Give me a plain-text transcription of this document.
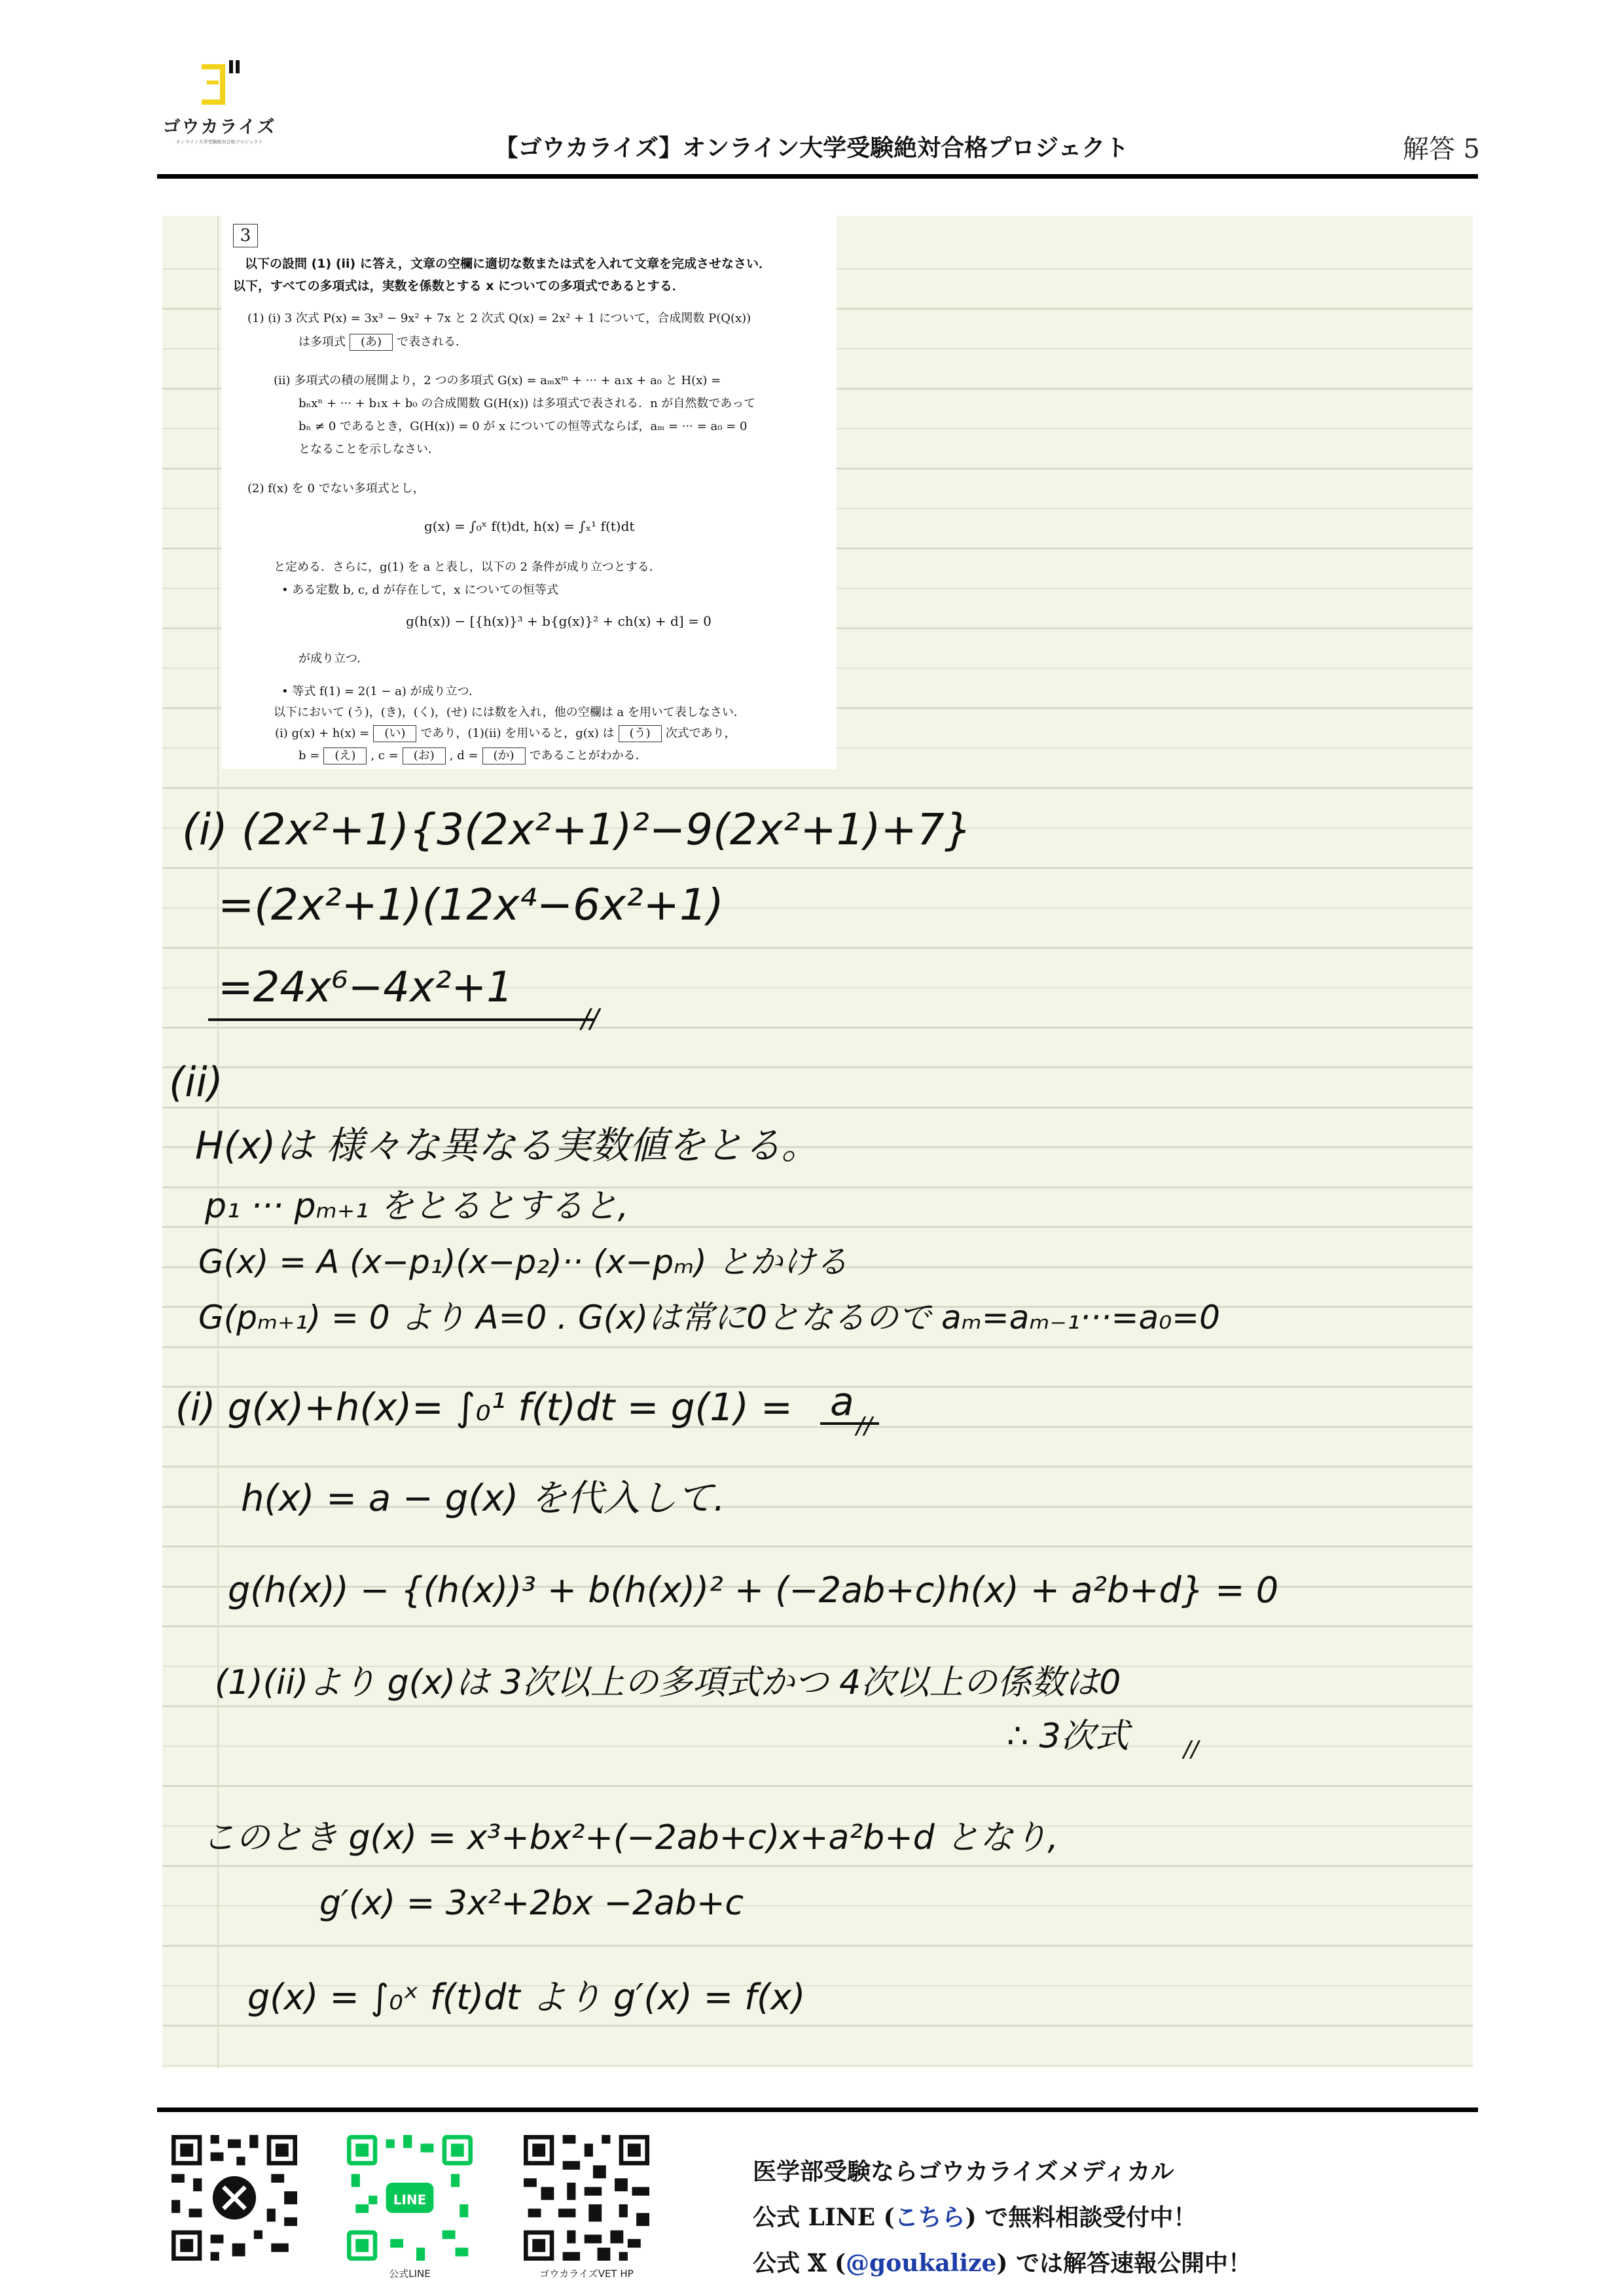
ゴウカライズ
オンライン大学受験絶対合格プロジェクト	【ゴウカライズ】オンライン大学受験絶対合格プロジェクト	解答 5
3
以下の設問 (1) (ii) に答え，文章の空欄に適切な数または式を入れて文章を完成させなさい．
以下，すべての多項式は，実数を係数とする x についての多項式であるとする．
(1) (i) 3 次式 P(x) = 3x³ − 9x² + 7x と 2 次式 Q(x) = 2x² + 1 について，合成関数 P(Q(x))
は多項式 (あ) で表される．
(ii) 多項式の積の展開より，2 つの多項式 G(x) = aₘxᵐ + ··· + a₁x + a₀ と H(x) =
bₙxⁿ + ··· + b₁x + b₀ の合成関数 G(H(x)) は多項式で表される．n が自然数であって
bₙ ≠ 0 であるとき，G(H(x)) = 0 が x についての恒等式ならば，aₘ = ··· = a₀ = 0
となることを示しなさい．
(2) f(x) を 0 でない多項式とし，
g(x) = ∫₀ˣ f(t)dt, h(x) = ∫ₓ¹ f(t)dt
と定める．さらに，g(1) を a と表し，以下の 2 条件が成り立つとする．
• ある定数 b, c, d が存在して，x についての恒等式
g(h(x)) − [{h(x)}³ + b{g(x)}² + ch(x) + d] = 0
が成り立つ．
• 等式 f(1) = 2(1 − a) が成り立つ．
以下において (う)，(き)，(く)，(せ) には数を入れ，他の空欄は a を用いて表しなさい．
(i) g(x) + h(x) = (い) であり，(1)(ii) を用いると，g(x) は (う) 次式であり，
b = (え) , c = (お) , d = (か) であることがわかる．
(i) (2x²+1){3(2x²+1)²−9(2x²+1)+7}
=(2x²+1)(12x⁴−6x²+1)
=24x⁶−4x²+1
//
(ii)
H(x)は 様々な異なる実数値をとる。
p₁ ··· pₘ₊₁ をとるとすると,
G(x) = A (x−p₁)(x−p₂)·· (x−pₘ) とかける
G(pₘ₊₁) = 0 より A=0 . G(x)は常に0となるので aₘ=aₘ₋₁···=a₀=0
(i) g(x)+h(x)= ∫₀¹ f(t)dt = g(1) = a
//
h(x) = a − g(x) を代入して.
g(h(x)) − {(h(x))³ + b(h(x))² + (−2ab+c)h(x) + a²b+d} = 0
(1)(ii)より g(x)は 3次以上の多項式かつ 4次以上の係数は0
∴ 3次式 //
このとき g(x) = x³+bx²+(−2ab+c)x+a²b+d となり,
g′(x) = 3x²+2bx −2ab+c
g(x) = ∫₀ˣ f(t)dt より g′(x) = f(x)
LINE
公式LINE	ゴウカライズVET HP
医学部受験ならゴウカライズメディカル
公式 LINE (こちら) で無料相談受付中！
公式 𝕏 (@goukalize) では解答速報公開中！
